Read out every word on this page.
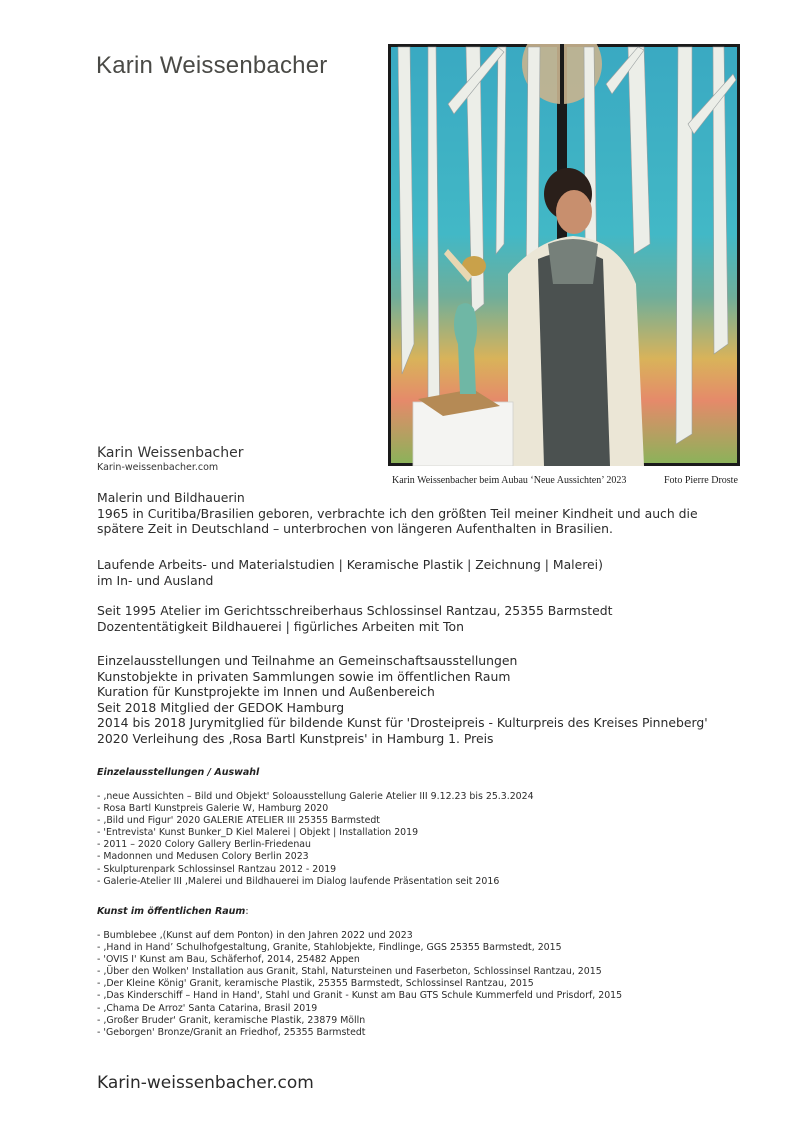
Karin Weissenbacher
Karin Weissenbacher
Karin-weissenbacher.com
Karin Weissenbacher beim Aubau ‘Neue Aussichten’ 2023	Foto Pierre Droste
Malerin und Bildhauerin
1965 in Curitiba/Brasilien geboren, verbrachte ich den größten Teil meiner Kindheit und auch die
spätere Zeit in Deutschland – unterbrochen von längeren Aufenthalten in Brasilien.
Laufende Arbeits- und Materialstudien | Keramische Plastik | Zeichnung | Malerei)
im In- und Ausland
Seit 1995 Atelier im Gerichtsschreiberhaus Schlossinsel Rantzau, 25355 Barmstedt
Dozententätigkeit Bildhauerei | figürliches Arbeiten mit Ton
Einzelausstellungen und Teilnahme an Gemeinschaftsausstellungen
Kunstobjekte in privaten Sammlungen sowie im öffentlichen Raum
Kuration für Kunstprojekte im Innen und Außenbereich
Seit 2018 Mitglied der GEDOK Hamburg
2014 bis 2018 Jurymitglied für bildende Kunst für 'Drosteipreis - Kulturpreis des Kreises Pinneberg'
2020 Verleihung des ‚Rosa Bartl Kunstpreis' in Hamburg 1. Preis
Einzelausstellungen / Auswahl
- ‚neue Aussichten – Bild und Objekt' Soloausstellung Galerie Atelier III 9.12.23 bis 25.3.2024
- Rosa Bartl Kunstpreis Galerie W, Hamburg 2020
- ‚Bild und Figur' 2020 GALERIE ATELIER III 25355 Barmstedt
- 'Entrevista' Kunst Bunker_D Kiel Malerei | Objekt | Installation 2019
- 2011 – 2020 Colory Gallery Berlin-Friedenau
- Madonnen und Medusen Colory Berlin 2023
- Skulpturenpark Schlossinsel Rantzau 2012 - 2019
- Galerie-Atelier III ‚Malerei und Bildhauerei im Dialog laufende Präsentation seit 2016
Kunst im öffentlichen Raum:
- Bumblebee ‚(Kunst auf dem Ponton) in den Jahren 2022 und 2023
- ‚Hand in Hand’ Schulhofgestaltung, Granite, Stahlobjekte, Findlinge, GGS 25355 Barmstedt, 2015
- 'OVIS I' Kunst am Bau, Schäferhof, 2014, 25482 Appen
- ‚Über den Wolken' Installation aus Granit, Stahl, Natursteinen und Faserbeton, Schlossinsel Rantzau, 2015
- ‚Der Kleine König' Granit, keramische Plastik, 25355 Barmstedt, Schlossinsel Rantzau, 2015
- ‚Das Kinderschiff – Hand in Hand', Stahl und Granit - Kunst am Bau GTS Schule Kummerfeld und Prisdorf, 2015
- ‚Chama De Arroz' Santa Catarina, Brasil 2019
- ‚Großer Bruder' Granit, keramische Plastik, 23879 Mölln
- 'Geborgen' Bronze/Granit an Friedhof, 25355 Barmstedt
Karin-weissenbacher.com
